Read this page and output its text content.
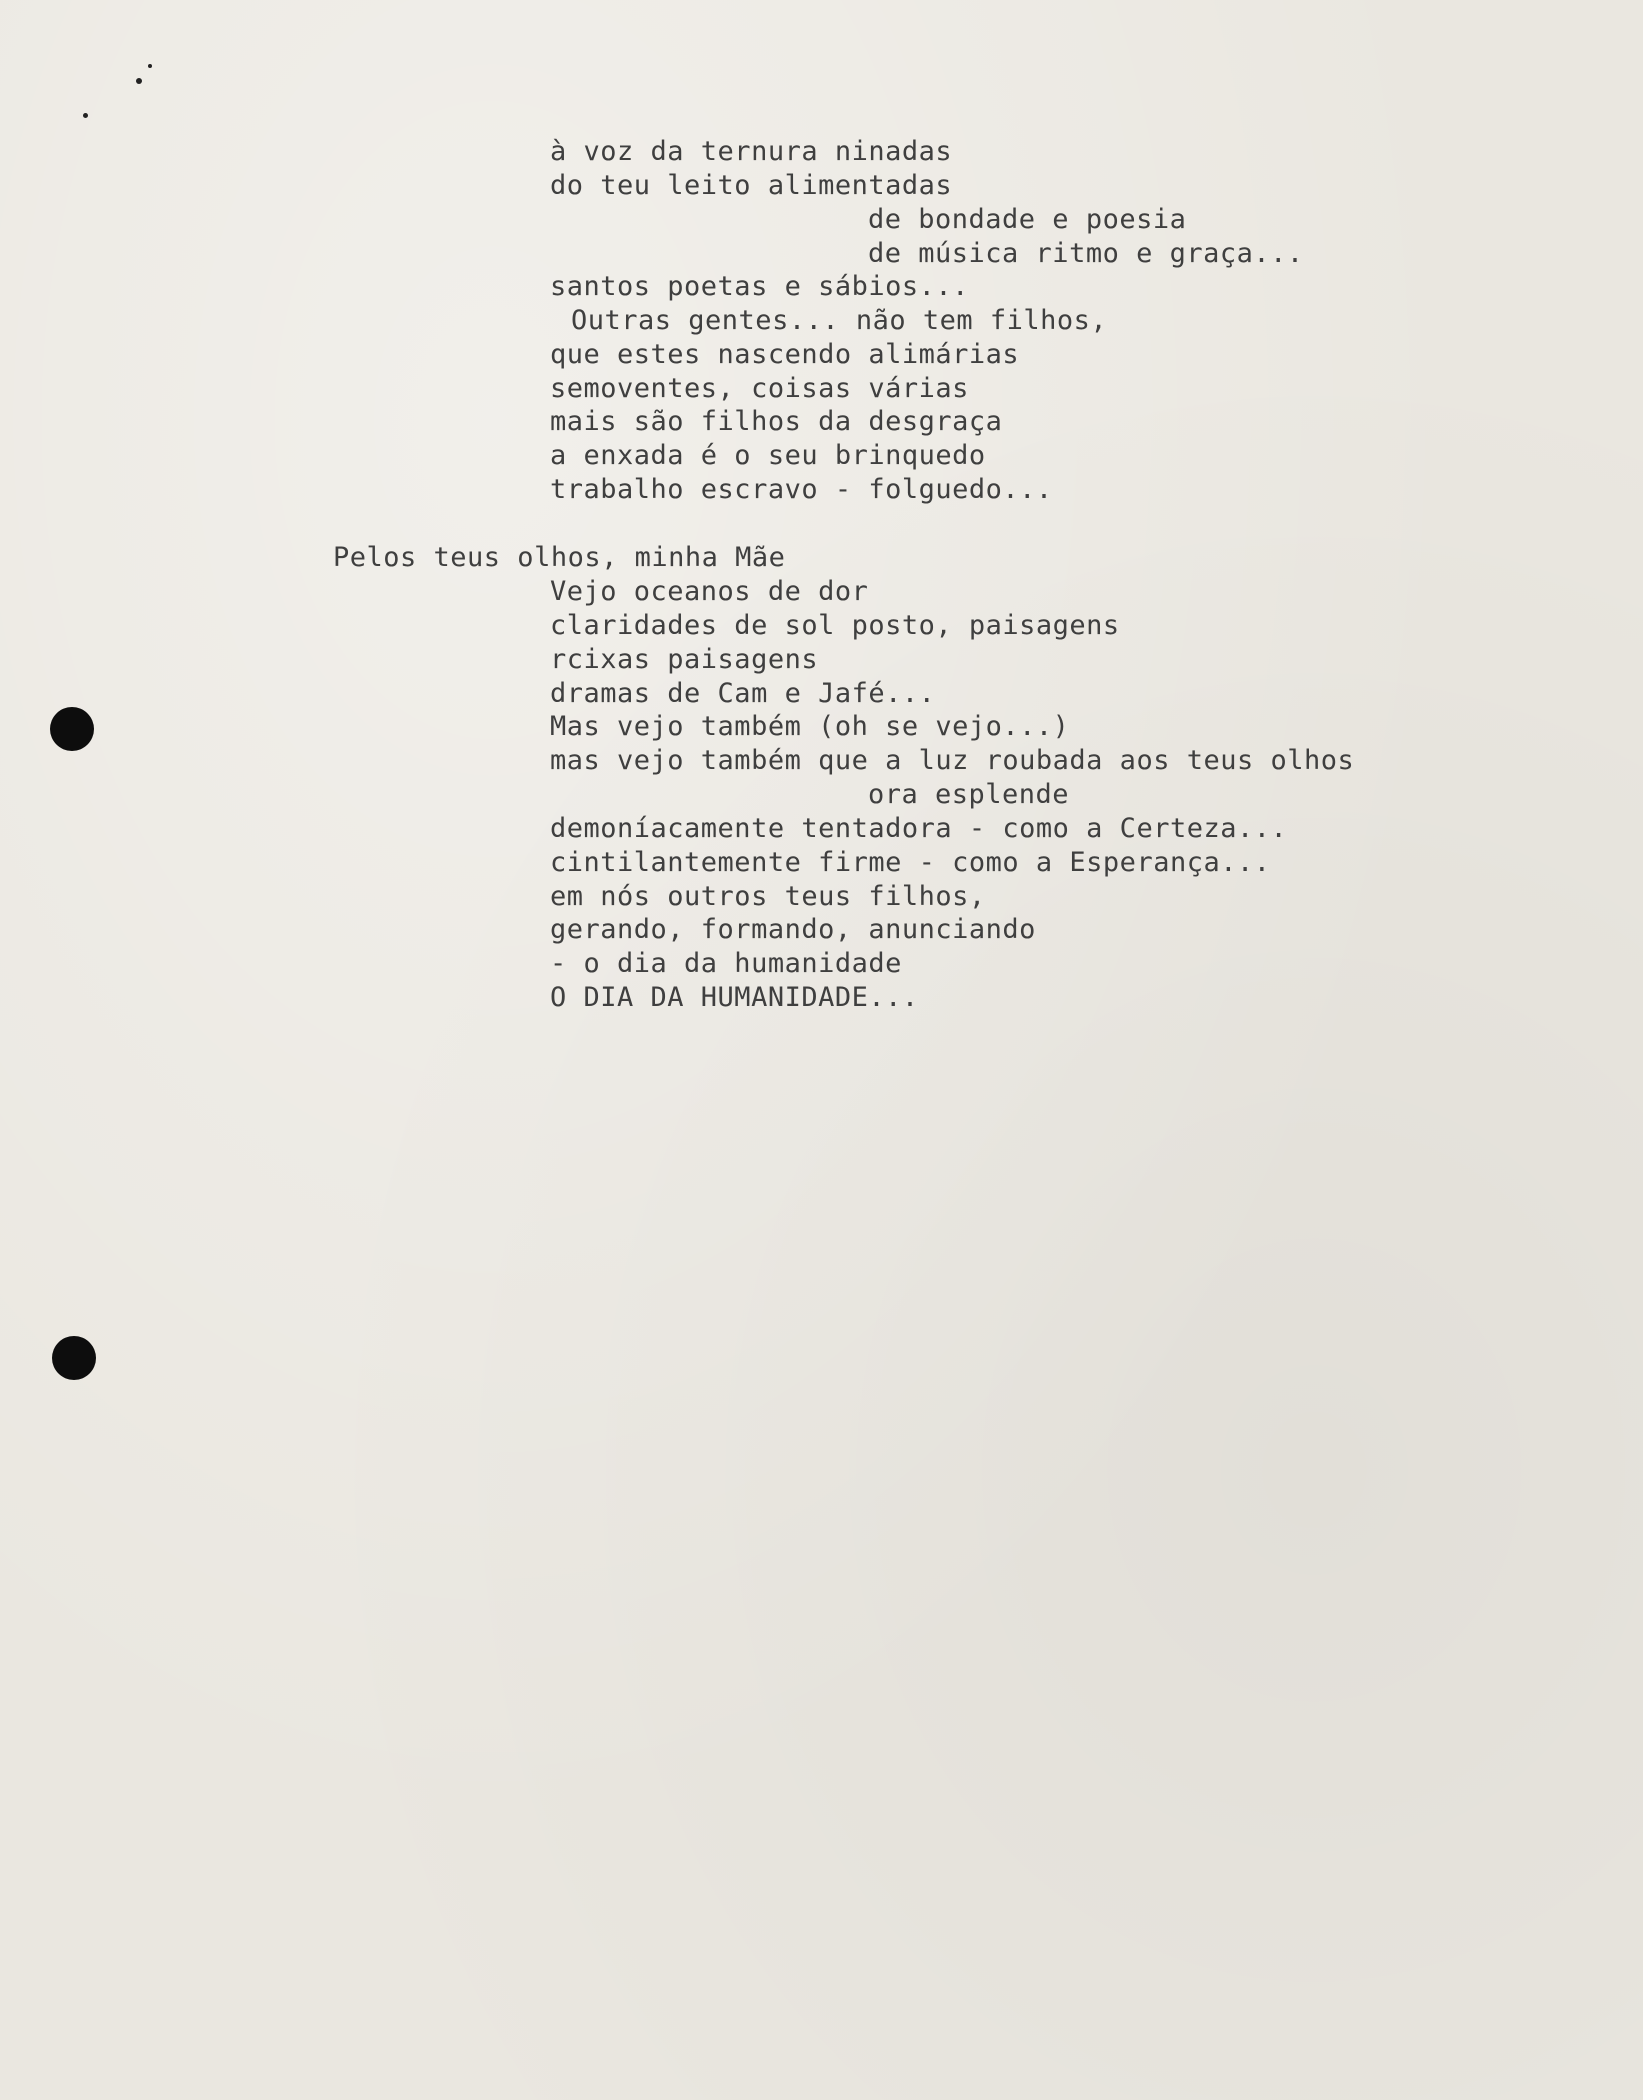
à voz da ternura ninadas
do teu leito alimentadas
de bondade e poesia
de música ritmo e graça...
santos poetas e sábios...
Outras gentes... não tem filhos,
que estes nascendo alimárias
semoventes, coisas várias
mais são filhos da desgraça
a enxada é o seu brinquedo
trabalho escravo - folguedo...
Pelos teus olhos, minha Mãe
Vejo oceanos de dor
claridades de sol posto, paisagens
rcixas paisagens
dramas de Cam e Jafé...
Mas vejo também (oh se vejo...)
mas vejo também que a luz roubada aos teus olhos
ora esplende
demoníacamente tentadora - como a Certeza...
cintilantemente firme - como a Esperança...
em nós outros teus filhos,
gerando, formando, anunciando
- o dia da humanidade
O DIA DA HUMANIDADE...
